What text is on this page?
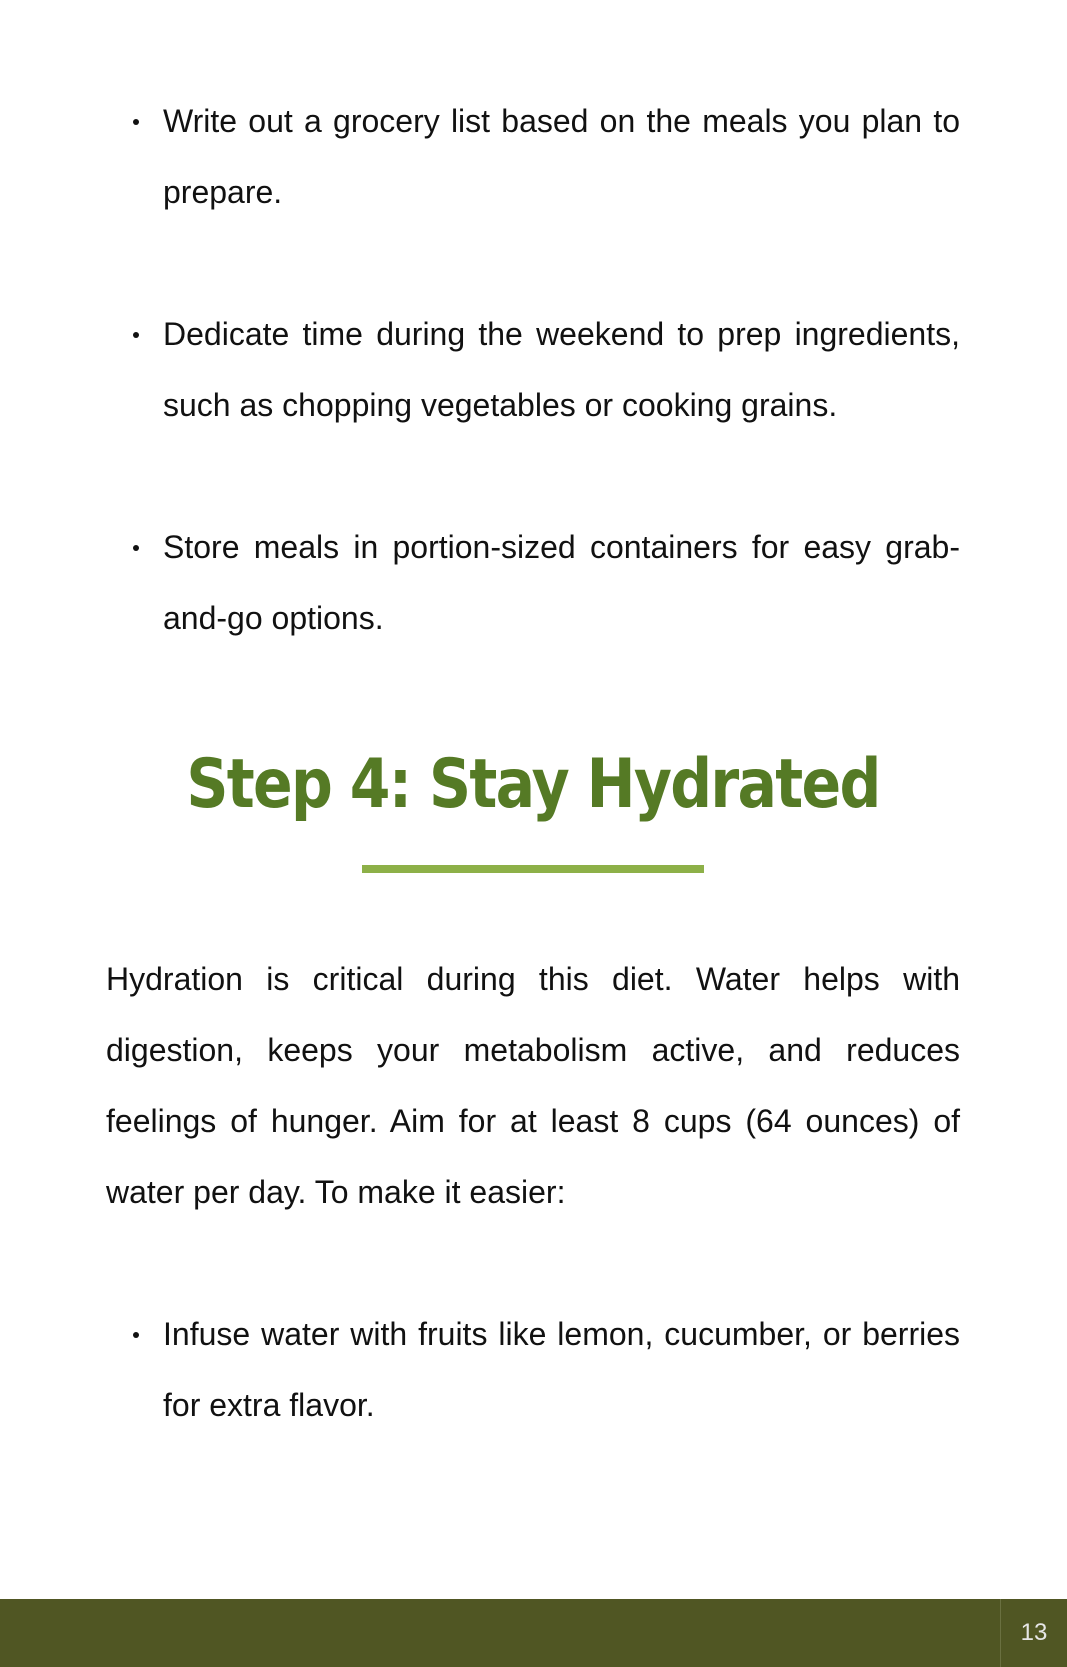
Write out a grocery list based on the meals you plan to prepare.
Dedicate time during the weekend to prep ingredients, such as chopping vegetables or cooking grains.
Store meals in portion-sized containers for easy grab-and-go options.
Step 4: Stay Hydrated

Hydration is critical during this diet. Water helps with digestion, keeps your metabolism active, and reduces feelings of hunger. Aim for at least 8 cups (64 ounces) of water per day. To make it easier:

Infuse water with fruits like lemon, cucumber, or berries for extra flavor.
13
